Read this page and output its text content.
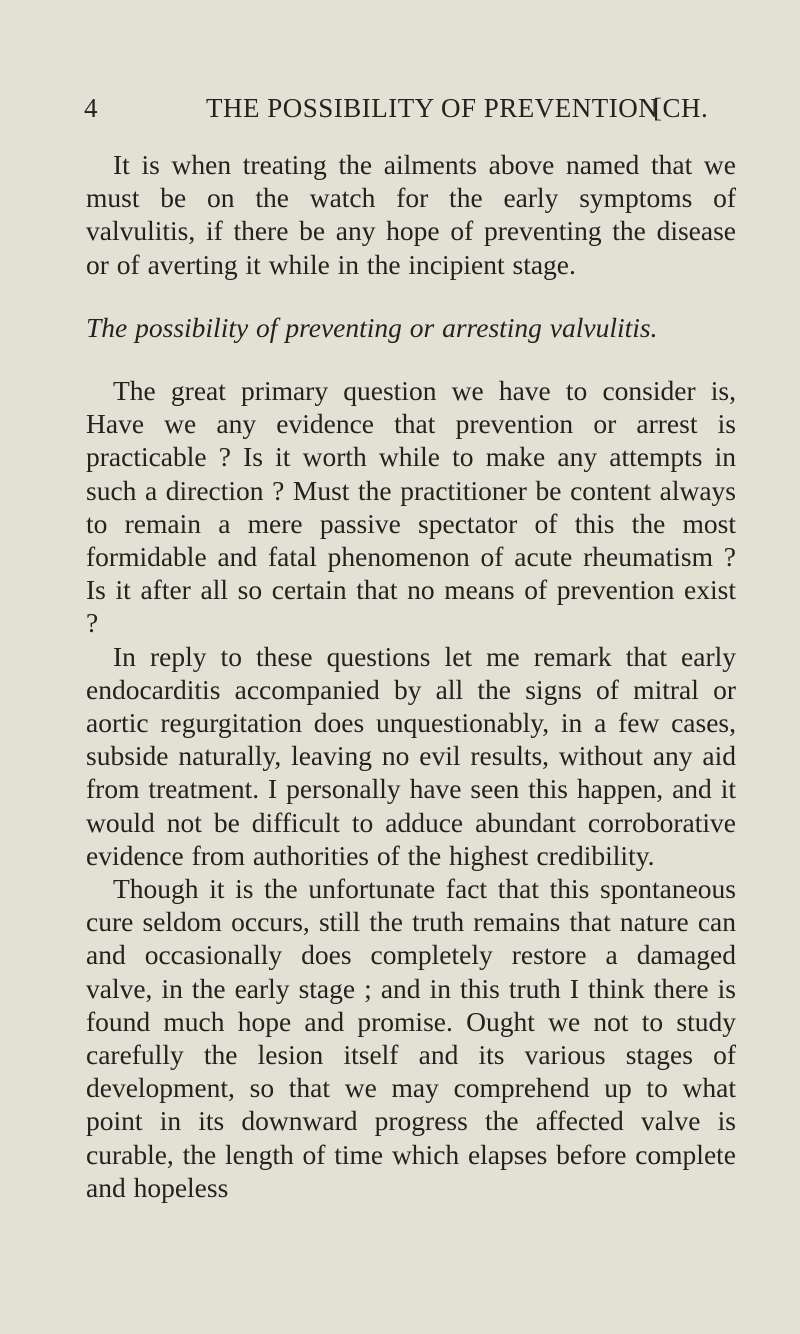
4	THE POSSIBILITY OF PREVENTION
[CH.

It is when treating the ailments above named that we must be on the watch for the early symptoms of valvulitis, if there be any hope of preventing the disease or of averting it while in the incipient stage.

The possibility of preventing or arresting valvulitis.

The great primary question we have to consider is, Have we any evidence that prevention or arrest is practicable ? Is it worth while to make any attempts in such a direction ? Must the practitioner be content always to remain a mere passive spectator of this the most formidable and fatal phenomenon of acute rheumatism ? Is it after all so certain that no means of prevention exist ?

In reply to these questions let me remark that early endocarditis accompanied by all the signs of mitral or aortic regurgitation does unquestionably, in a few cases, subside naturally, leaving no evil results, without any aid from treatment. I personally have seen this happen, and it would not be difficult to adduce abundant corroborative evidence from authorities of the highest credibility.

Though it is the unfortunate fact that this spontaneous cure seldom occurs, still the truth remains that nature can and occasionally does completely restore a damaged valve, in the early stage ; and in this truth I think there is found much hope and promise. Ought we not to study carefully the lesion itself and its various stages of development, so that we may comprehend up to what point in its downward progress the affected valve is curable, the length of time which elapses before complete and hopeless
